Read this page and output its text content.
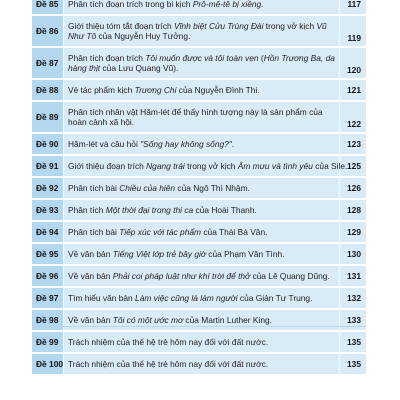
Đề 85	Phân tích đoạn trích trong bi kịch Prô-mê-tê bị xiềng.	117
Đề 86	Giới thiệu tóm tắt đoạn trích Vĩnh biệt Cửu Trùng Đài trong vở kịch Vũ Như Tô của Nguyễn Huy Tưởng.	119
Đề 87	Phân tích đoạn trích Tôi muốn được và tôi toàn vẹn (Hồn Trương Ba, da hàng thịt của Lưu Quang Vũ).	120
Đề 88	Vẻ tác phẩm kịch Trương Chi của Nguyễn Đình Thi.	121
Đề 89	Phân tích nhân vật Hăm-lét để thấy hình tượng này là sản phẩm của hoàn cảnh xã hội.	122
Đề 90	Hăm-lét và câu hỏi "Sống hay không sống?".	123
Đề 91	Giới thiệu đoạn trích Ngang trái trong vở kịch Âm mưu và tình yêu của Sile.	125
Đề 92	Phân tích bài Chiều của hiên của Ngô Thì Nhậm.	126
Đề 93	Phân tích Một thời đại trong thi ca của Hoài Thanh.	128
Đề 94	Phân tích bài Tiếp xúc với tác phẩm của Thái Bá Vân.	129
Đề 95	Về văn bản Tiếng Việt lớp trẻ bây giờ của Phạm Văn Tình.	130
Đề 96	Về văn bản Phải coi pháp luật như khí trời để thở của Lê Quang Dũng.	131
Đề 97	Tìm hiểu văn bản Làm việc cũng là làm người của Giản Tư Trung.	132
Đề 98	Về văn bản Tôi có một ước mơ của Martin Luther King.	133
Đề 99	Trách nhiệm của thế hệ trẻ hôm nay đối với đất nước.	135
Đề 100	Trách nhiệm của thế hệ trẻ hôm nay đối với đất nước.	135
